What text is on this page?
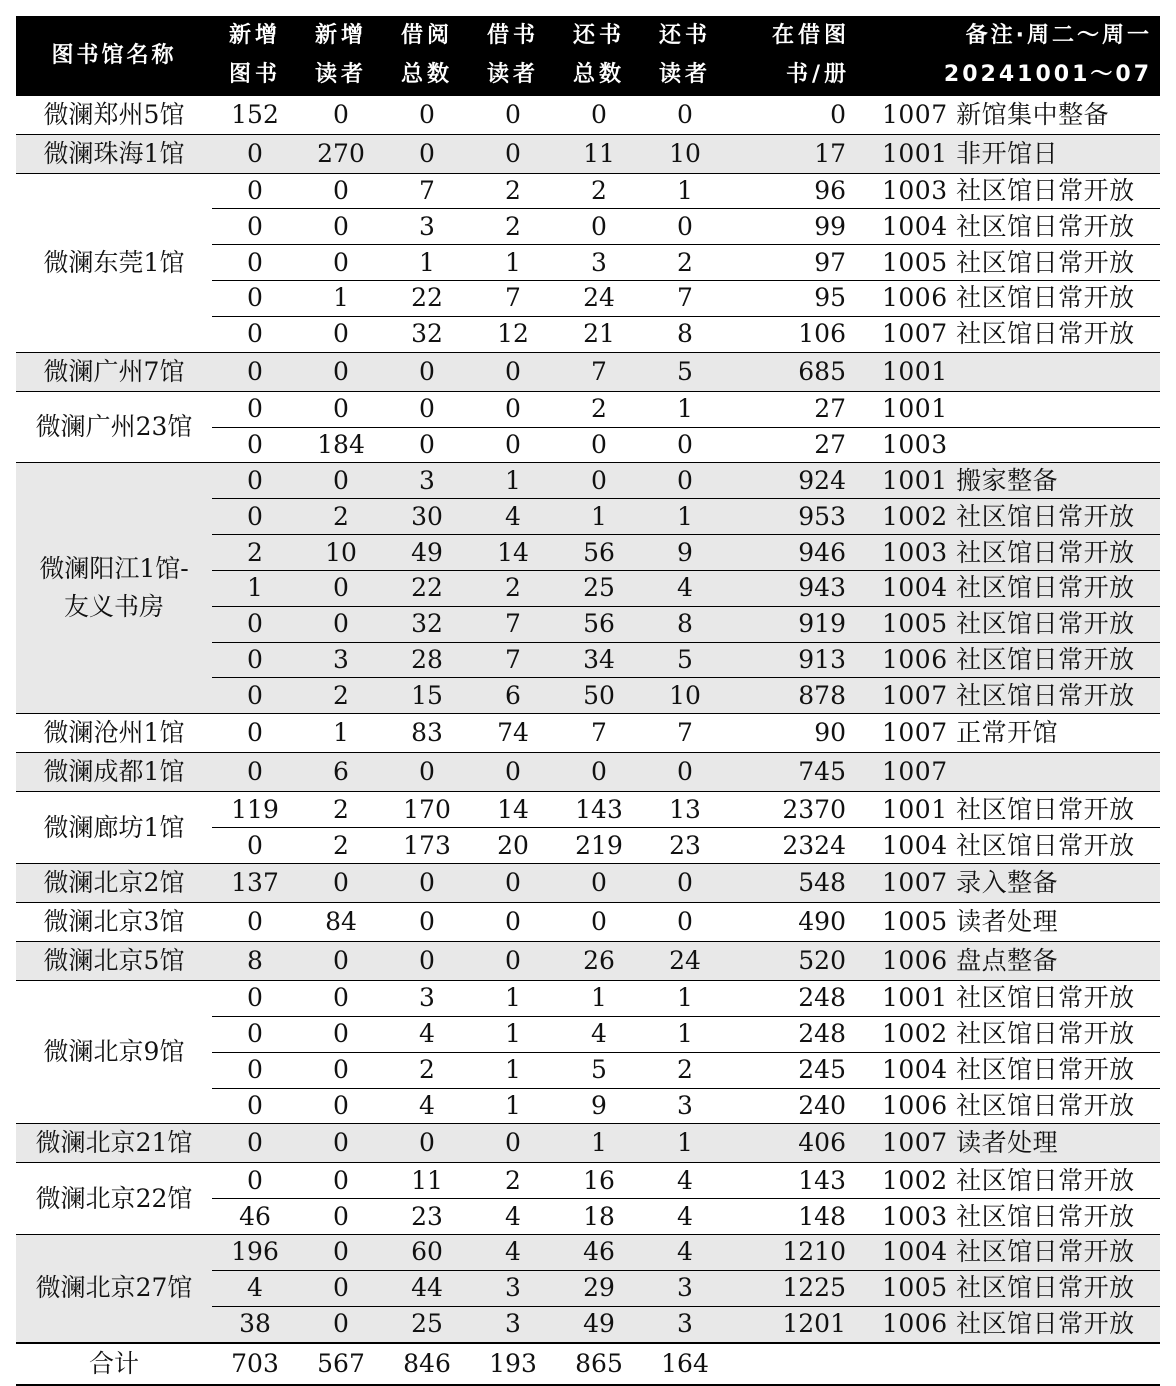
图书馆名称	新增	新增	借阅	借书	还书	还书	在借图	备注·周二～周一
	图书	读者	总数	读者	总数	读者	书/册	20241001～07
微澜郑州5馆	152	0	0	0	0	0	0	1007 新馆集中整备
微澜珠海1馆	0	270	0	0	11	10	17	1001 非开馆日
微澜东莞1馆	0	0	7	2	2	1	96	1003 社区馆日常开放
	0	0	3	2	0	0	99	1004 社区馆日常开放
	0	0	1	1	3	2	97	1005 社区馆日常开放
	0	1	22	7	24	7	95	1006 社区馆日常开放
	0	0	32	12	21	8	106	1007 社区馆日常开放
微澜广州7馆	0	0	0	0	7	5	685	1001
微澜广州23馆	0	0	0	0	2	1	27	1001
	0	184	0	0	0	0	27	1003
微澜阳江1馆-
友义书房	0	0	3	1	0	0	924	1001 搬家整备
	0	2	30	4	1	1	953	1002 社区馆日常开放
	2	10	49	14	56	9	946	1003 社区馆日常开放
	1	0	22	2	25	4	943	1004 社区馆日常开放
	0	0	32	7	56	8	919	1005 社区馆日常开放
	0	3	28	7	34	5	913	1006 社区馆日常开放
	0	2	15	6	50	10	878	1007 社区馆日常开放
微澜沧州1馆	0	1	83	74	7	7	90	1007 正常开馆
微澜成都1馆	0	6	0	0	0	0	745	1007
微澜廊坊1馆	119	2	170	14	143	13	2370	1001 社区馆日常开放
	0	2	173	20	219	23	2324	1004 社区馆日常开放
微澜北京2馆	137	0	0	0	0	0	548	1007 录入整备
微澜北京3馆	0	84	0	0	0	0	490	1005 读者处理
微澜北京5馆	8	0	0	0	26	24	520	1006 盘点整备
微澜北京9馆	0	0	3	1	1	1	248	1001 社区馆日常开放
	0	0	4	1	4	1	248	1002 社区馆日常开放
	0	0	2	1	5	2	245	1004 社区馆日常开放
	0	0	4	1	9	3	240	1006 社区馆日常开放
微澜北京21馆	0	0	0	0	1	1	406	1007 读者处理
微澜北京22馆	0	0	11	2	16	4	143	1002 社区馆日常开放
	46	0	23	4	18	4	148	1003 社区馆日常开放
微澜北京27馆	196	0	60	4	46	4	1210	1004 社区馆日常开放
	4	0	44	3	29	3	1225	1005 社区馆日常开放
	38	0	25	3	49	3	1201	1006 社区馆日常开放
合计	703	567	846	193	865	164		
